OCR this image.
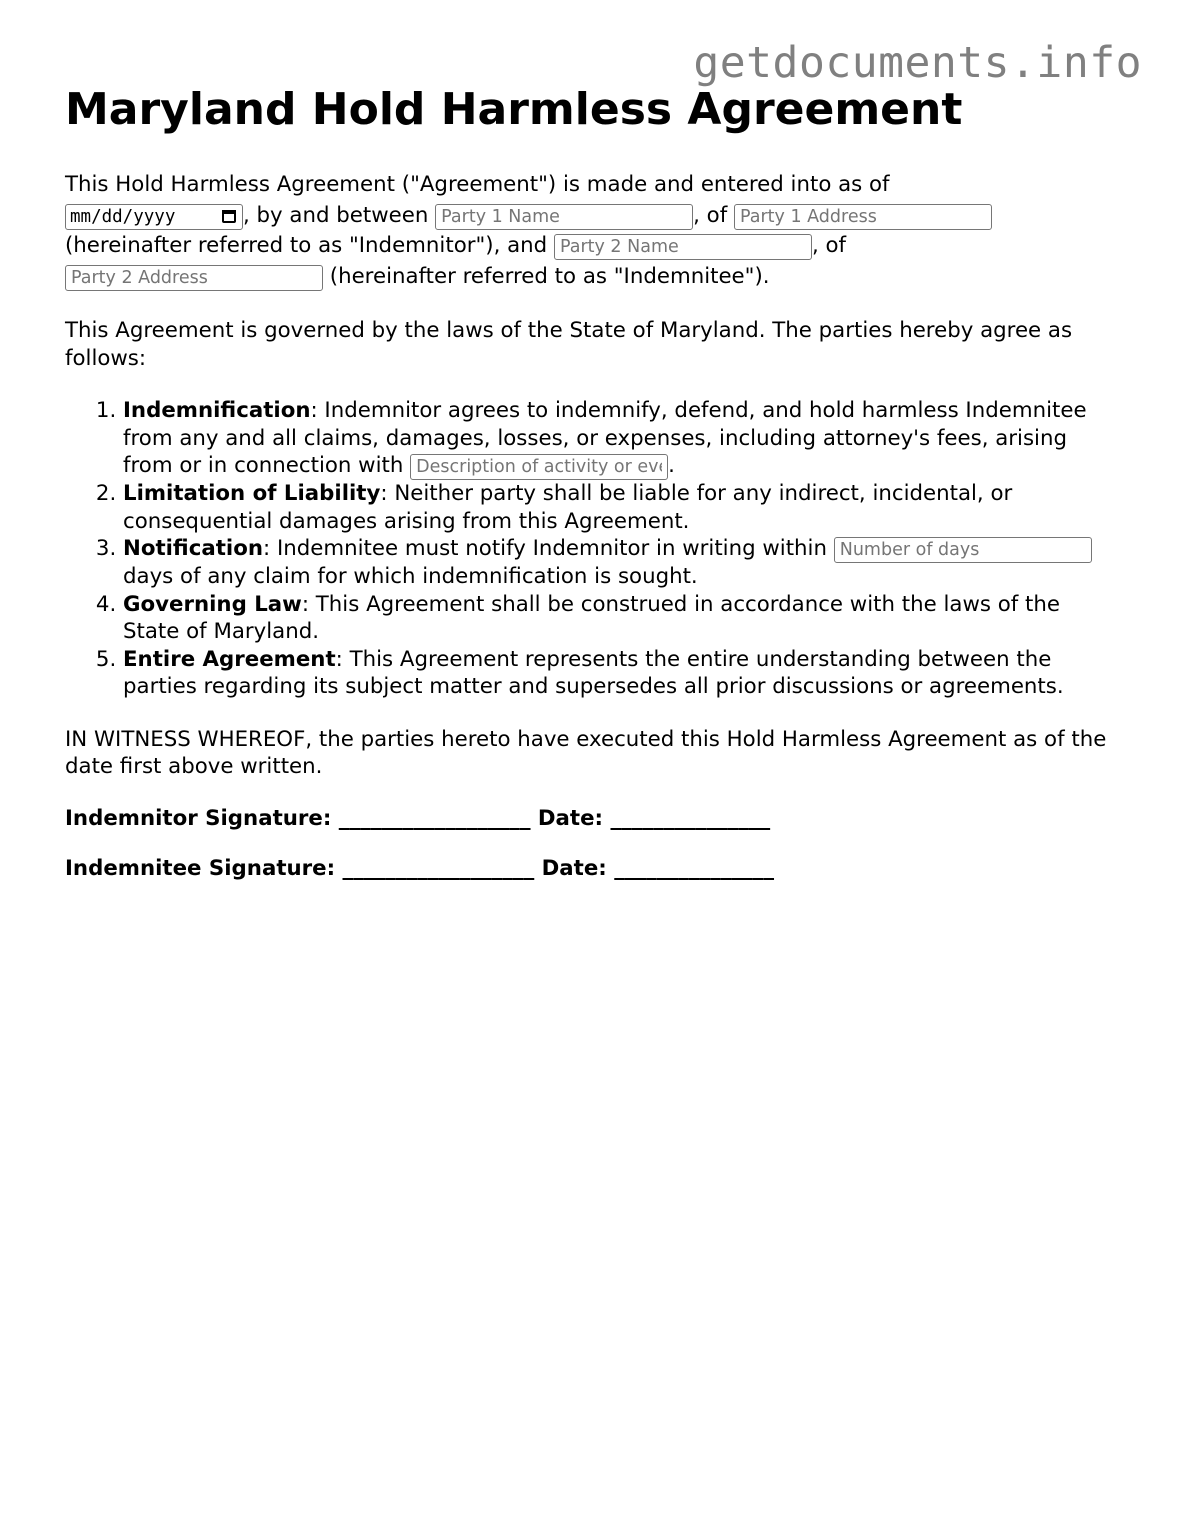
getdocuments.info
Maryland Hold Harmless Agreement

This Hold Harmless Agreement ("Agreement") is made and entered into as of
mm/dd/yyyy	, by and between Party 1 Name	, of Party 1 Address
(hereinafter referred to as "Indemnitor"), and Party 2 Name	, of
Party 2 Address (hereinafter referred to as "Indemnitee").

This Agreement is governed by the laws of the State of Maryland. The parties hereby agree as follows:

1. Indemnification: Indemnitor agrees to indemnify, defend, and hold harmless Indemnitee from any and all claims, damages, losses, or expenses, including attorney's fees, arising from or in connection with Description of activity or event	.
2. Limitation of Liability: Neither party shall be liable for any indirect, incidental, or consequential damages arising from this Agreement.
3. Notification: Indemnitee must notify Indemnitor in writing within Number of days days of any claim for which indemnification is sought.
4. Governing Law: This Agreement shall be construed in accordance with the laws of the State of Maryland.
5. Entire Agreement: This Agreement represents the entire understanding between the parties regarding its subject matter and supersedes all prior discussions or agreements.

IN WITNESS WHEREOF, the parties hereto have executed this Hold Harmless Agreement as of the date first above written.

Indemnitor Signature: __________________ Date: _______________

Indemnitee Signature: __________________ Date: _______________
